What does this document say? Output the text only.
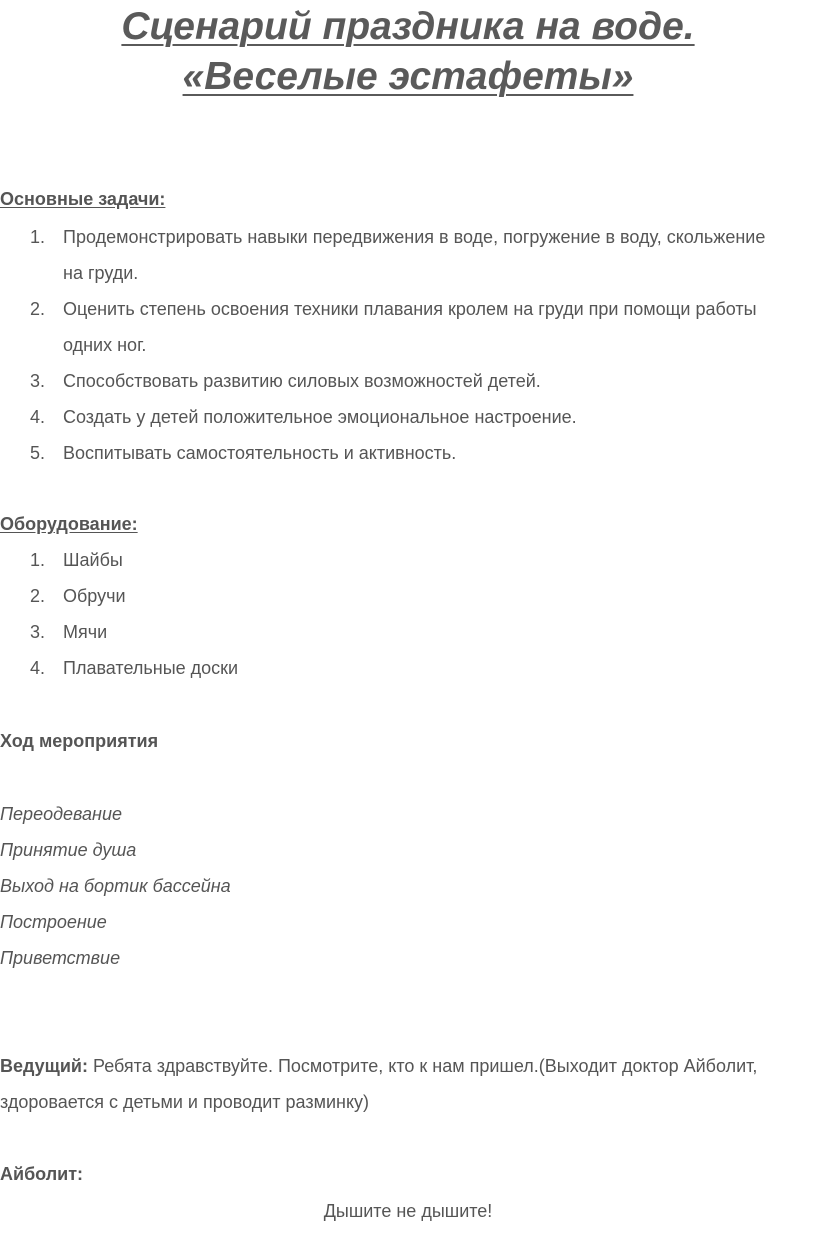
Сценарий праздника на воде.
«Веселые эстафеты»
Основные задачи:
1. Продемонстрировать навыки передвижения в воде, погружение в воду, скольжение на груди.
2. Оценить степень освоения техники плавания кролем на груди при помощи работы одних ног.
3. Способствовать развитию силовых возможностей детей.
4. Создать у детей положительное эмоциональное настроение.
5. Воспитывать самостоятельность и активность.
Оборудование:
1. Шайбы
2. Обручи
3. Мячи
4. Плавательные доски
Ход мероприятия
Переодевание
Принятие душа
Выход на бортик бассейна
Построение
Приветствие

Ведущий: Ребята здравствуйте. Посмотрите, кто к нам пришел.(Выходит доктор Айболит, здоровается с детьми и проводит разминку)

Айболит:
Дышите не дышите!
